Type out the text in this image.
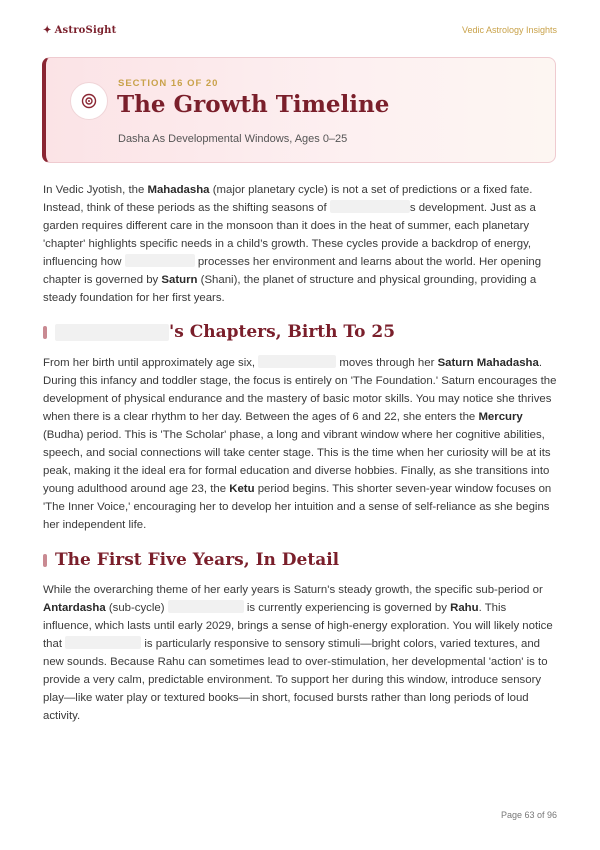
✦ AstroSight	Vedic Astrology Insights
SECTION 16 OF 20
The Growth Timeline
Dasha As Developmental Windows, Ages 0–25

In Vedic Jyotish, the Mahadasha (major planetary cycle) is not a set of predictions or a fixed fate. Instead, think of these periods as the shifting seasons of	s development. Just as a garden requires different care in the monsoon than it does in the heat of summer, each planetary 'chapter' highlights specific needs in a child’s growth. These cycles provide a backdrop of energy, influencing how	processes her environment and learns about the world. Her opening chapter is governed by Saturn (Shani), the planet of structure and physical grounding, providing a steady foundation for her first years.

's Chapters, Birth To 25

From her birth until approximately age six,	moves through her Saturn Mahadasha. During this infancy and toddler stage, the focus is entirely on 'The Foundation.' Saturn encourages the development of physical endurance and the mastery of basic motor skills. You may notice she thrives when there is a clear rhythm to her day. Between the ages of 6 and 22, she enters the Mercury (Budha) period. This is 'The Scholar' phase, a long and vibrant window where her cognitive abilities, speech, and social connections will take center stage. This is the time when her curiosity will be at its peak, making it the ideal era for formal education and diverse hobbies. Finally, as she transitions into young adulthood around age 23, the Ketu period begins. This shorter seven-year window focuses on 'The Inner Voice,' encouraging her to develop her intuition and a sense of self-reliance as she begins her independent life.

The First Five Years, In Detail

While the overarching theme of her early years is Saturn's steady growth, the specific sub-period or Antardasha (sub-cycle)	is currently experiencing is governed by Rahu. This influence, which lasts until early 2029, brings a sense of high-energy exploration. You will likely notice that	is particularly responsive to sensory stimuli—bright colors, varied textures, and new sounds. Because Rahu can sometimes lead to over-stimulation, her developmental 'action' is to provide a very calm, predictable environment. To support her during this window, introduce sensory play—like water play or textured books—in short, focused bursts rather than long periods of loud activity.

Page 63 of 96
